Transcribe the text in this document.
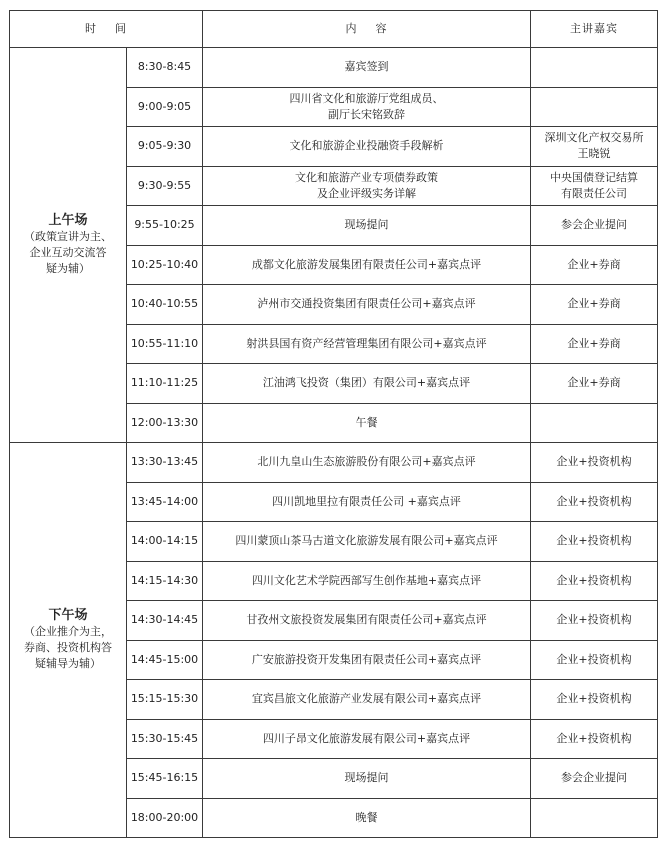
时    间		内    容	主讲嘉宾

上午场
（政策宣讲为主、
企业互动交流答
疑为辅）	8:30-8:45	嘉宾签到	

	9:00-9:05	四川省文化和旅游厅党组成员、
副厅长宋铭致辞	

	9:05-9:30	文化和旅游企业投融资手段解析	深圳文化产权交易所
王晓锐

	9:30-9:55	文化和旅游产业专项债券政策
及企业评级实务详解	中央国债登记结算
有限责任公司

	9:55-10:25	现场提问	参会企业提问

	10:25-10:40	成都文化旅游发展集团有限责任公司+嘉宾点评	企业+券商

	10:40-10:55	泸州市交通投资集团有限责任公司+嘉宾点评	企业+券商

	10:55-11:10	射洪县国有资产经营管理集团有限公司+嘉宾点评	企业+券商

	11:10-11:25	江油鸿飞投资（集团）有限公司+嘉宾点评	企业+券商

	12:00-13:30	午餐	

下午场
（企业推介为主，
券商、投资机构答
疑辅导为辅）	13:30-13:45	北川九皇山生态旅游股份有限公司+嘉宾点评	企业+投资机构

	13:45-14:00	四川凯地里拉有限责任公司 +嘉宾点评	企业+投资机构

	14:00-14:15	四川蒙顶山茶马古道文化旅游发展有限公司+嘉宾点评	企业+投资机构

	14:15-14:30	四川文化艺术学院西部写生创作基地+嘉宾点评	企业+投资机构

	14:30-14:45	甘孜州文旅投资发展集团有限责任公司+嘉宾点评	企业+投资机构

	14:45-15:00	广安旅游投资开发集团有限责任公司+嘉宾点评	企业+投资机构

	15:15-15:30	宜宾昌旅文化旅游产业发展有限公司+嘉宾点评	企业+投资机构

	15:30-15:45	四川子昂文化旅游发展有限公司+嘉宾点评	企业+投资机构

	15:45-16:15	现场提问	参会企业提问

	18:00-20:00	晚餐	
